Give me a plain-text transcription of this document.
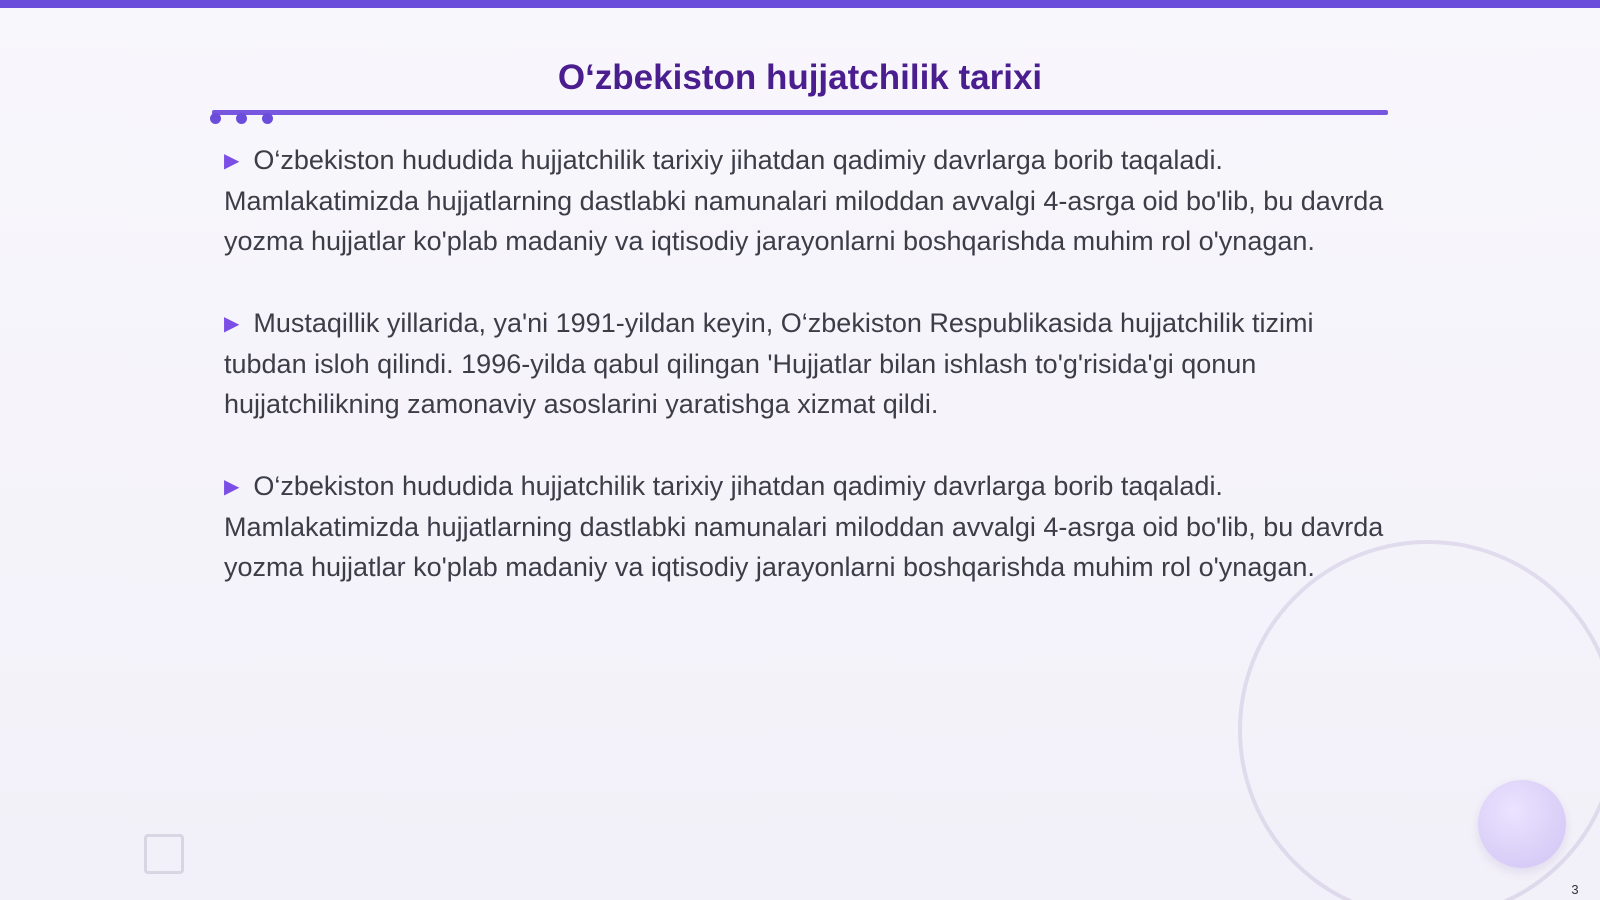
O‘zbekiston hujjatchilik tarixi

▶ O‘zbekiston hududida hujjatchilik tarixiy jihatdan qadimiy davrlarga borib taqaladi. Mamlakatimizda hujjatlarning dastlabki namunalari miloddan avvalgi 4-asrga oid bo'lib, bu davrda yozma hujjatlar ko'plab madaniy va iqtisodiy jarayonlarni boshqarishda muhim rol o'ynagan.

▶ Mustaqillik yillarida, ya'ni 1991-yildan keyin, O‘zbekiston Respublikasida hujjatchilik tizimi tubdan isloh qilindi. 1996-yilda qabul qilingan 'Hujjatlar bilan ishlash to'g'risida'gi qonun hujjatchilikning zamonaviy asoslarini yaratishga xizmat qildi.

▶ O‘zbekiston hududida hujjatchilik tarixiy jihatdan qadimiy davrlarga borib taqaladi. Mamlakatimizda hujjatlarning dastlabki namunalari miloddan avvalgi 4-asrga oid bo'lib, bu davrda yozma hujjatlar ko'plab madaniy va iqtisodiy jarayonlarni boshqarishda muhim rol o'ynagan.

3
